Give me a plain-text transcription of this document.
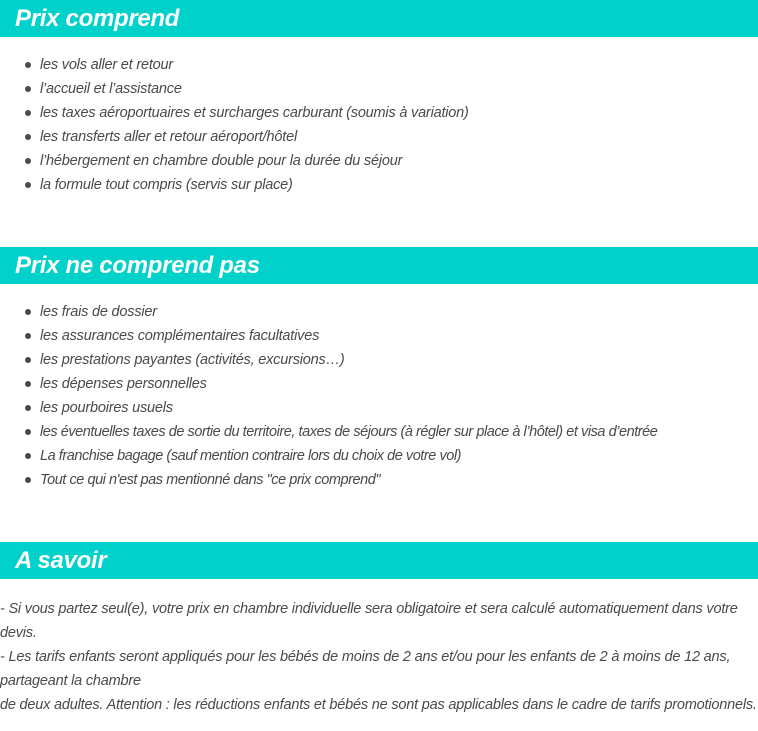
Prix comprend
les vols aller et retour
l’accueil et l’assistance
les taxes aéroportuaires et surcharges carburant (soumis à variation)
les transferts aller et retour aéroport/hôtel
l’hébergement en chambre double pour la durée du séjour
la formule tout compris (servis sur place)
Prix ne comprend pas
les frais de dossier
les assurances complémentaires facultatives
les prestations payantes (activités, excursions…)
les dépenses personnelles
les pourboires usuels
les éventuelles taxes de sortie du territoire, taxes de séjours (à régler sur place à l’hôtel) et visa d’entrée
La franchise bagage (sauf mention contraire lors du choix de votre vol)
Tout ce qui n'est pas mentionné dans "ce prix comprend"
A savoir

- Si vous partez seul(e), votre prix en chambre individuelle sera obligatoire et sera calculé automatiquement dans votre devis.

- Les tarifs enfants seront appliqués pour les bébés de moins de 2 ans et/ou pour les enfants de 2 à moins de 12 ans, partageant la chambre

de deux adultes. Attention : les réductions enfants et bébés ne sont pas applicables dans le cadre de tarifs promotionnels.
